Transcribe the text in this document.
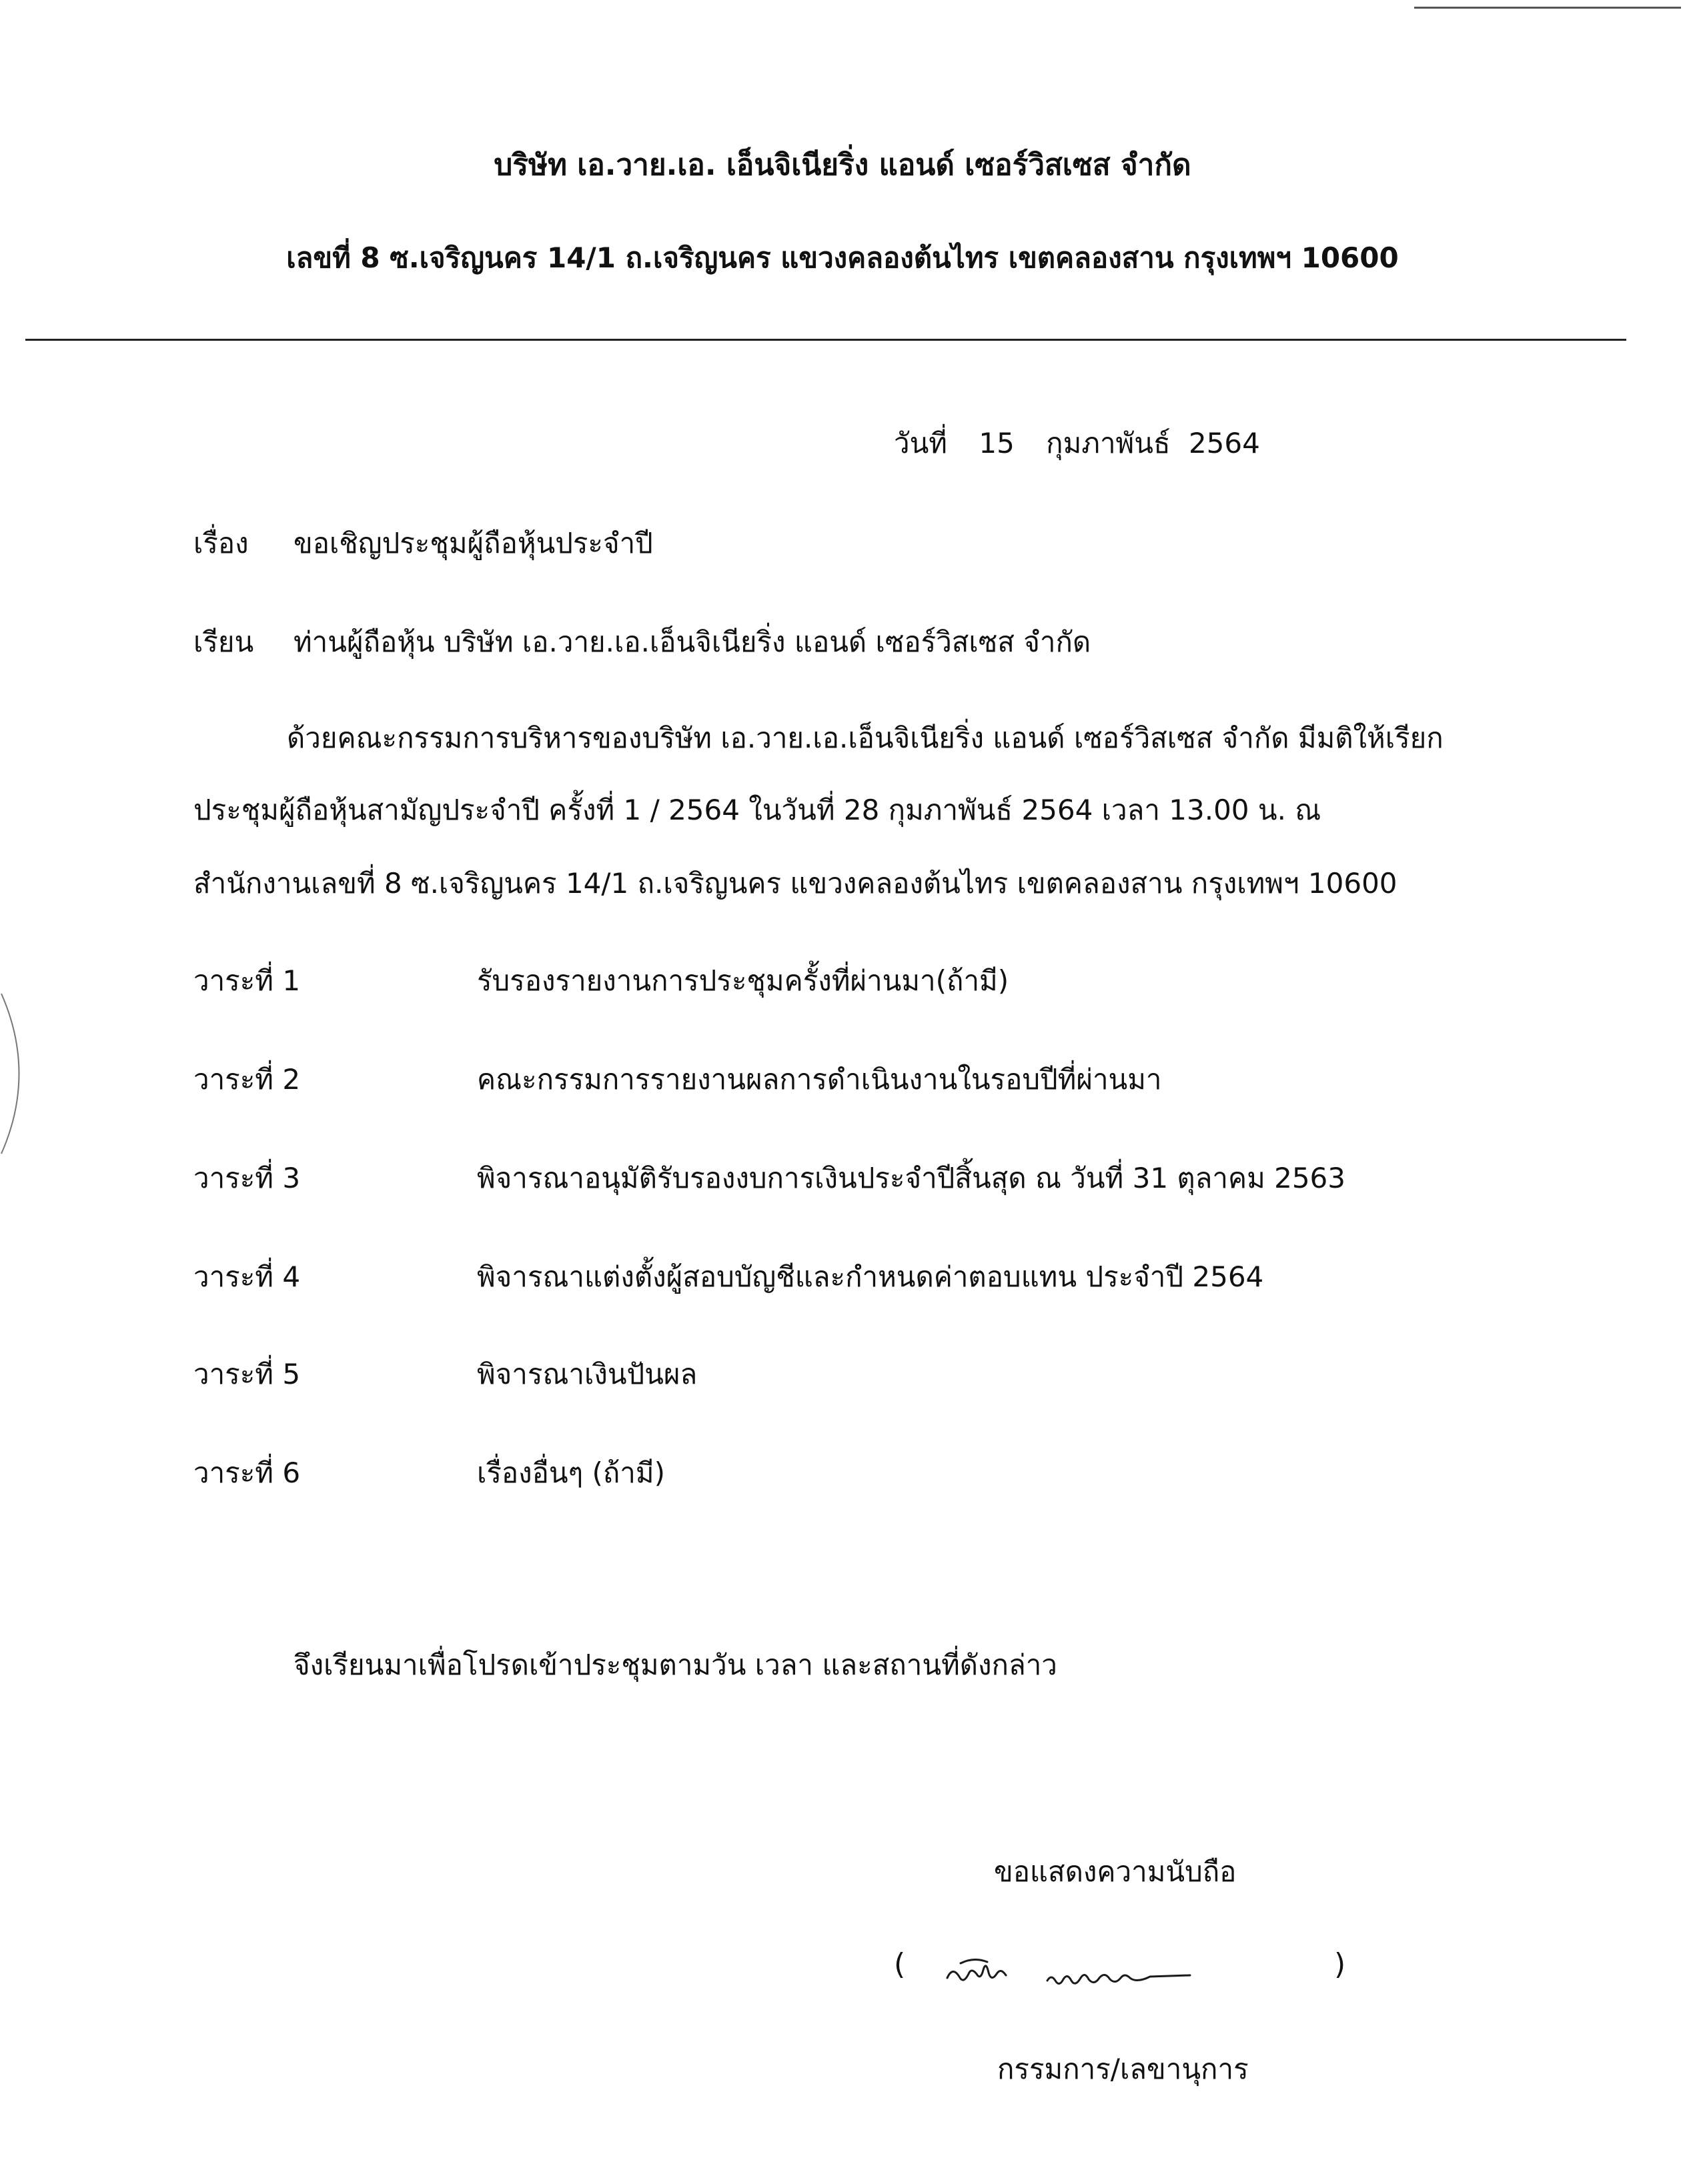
บริษัท เอ.วาย.เอ. เอ็นจิเนียริ่ง แอนด์ เซอร์วิสเซส จำกัด
เลขที่ 8 ซ.เจริญนคร 14/1 ถ.เจริญนคร แขวงคลองต้นไทร เขตคลองสาน กรุงเทพฯ 10600
วันที่ 15 กุมภาพันธ์ 2564
เรื่อง ขอเชิญประชุมผู้ถือหุ้นประจำปี
เรียน ท่านผู้ถือหุ้น บริษัท เอ.วาย.เอ.เอ็นจิเนียริ่ง แอนด์ เซอร์วิสเซส จำกัด
ด้วยคณะกรรมการบริหารของบริษัท เอ.วาย.เอ.เอ็นจิเนียริ่ง แอนด์ เซอร์วิสเซส จำกัด มีมติให้เรียก
ประชุมผู้ถือหุ้นสามัญประจำปี ครั้งที่ 1 / 2564 ในวันที่ 28 กุมภาพันธ์ 2564 เวลา 13.00 น. ณ
สำนักงานเลขที่ 8 ซ.เจริญนคร 14/1 ถ.เจริญนคร แขวงคลองต้นไทร เขตคลองสาน กรุงเทพฯ 10600
วาระที่ 1	รับรองรายงานการประชุมครั้งที่ผ่านมา(ถ้ามี)
วาระที่ 2	คณะกรรมการรายงานผลการดำเนินงานในรอบปีที่ผ่านมา
วาระที่ 3	พิจารณาอนุมัติรับรองงบการเงินประจำปีสิ้นสุด ณ วันที่ 31 ตุลาคม 2563
วาระที่ 4	พิจารณาแต่งตั้งผู้สอบบัญชีและกำหนดค่าตอบแทน ประจำปี 2564
วาระที่ 5	พิจารณาเงินปันผล
วาระที่ 6	เรื่องอื่นๆ (ถ้ามี)
จึงเรียนมาเพื่อโปรดเข้าประชุมตามวัน เวลา และสถานที่ดังกล่าว
ขอแสดงความนับถือ
(	)
กรรมการ/เลขานุการ
